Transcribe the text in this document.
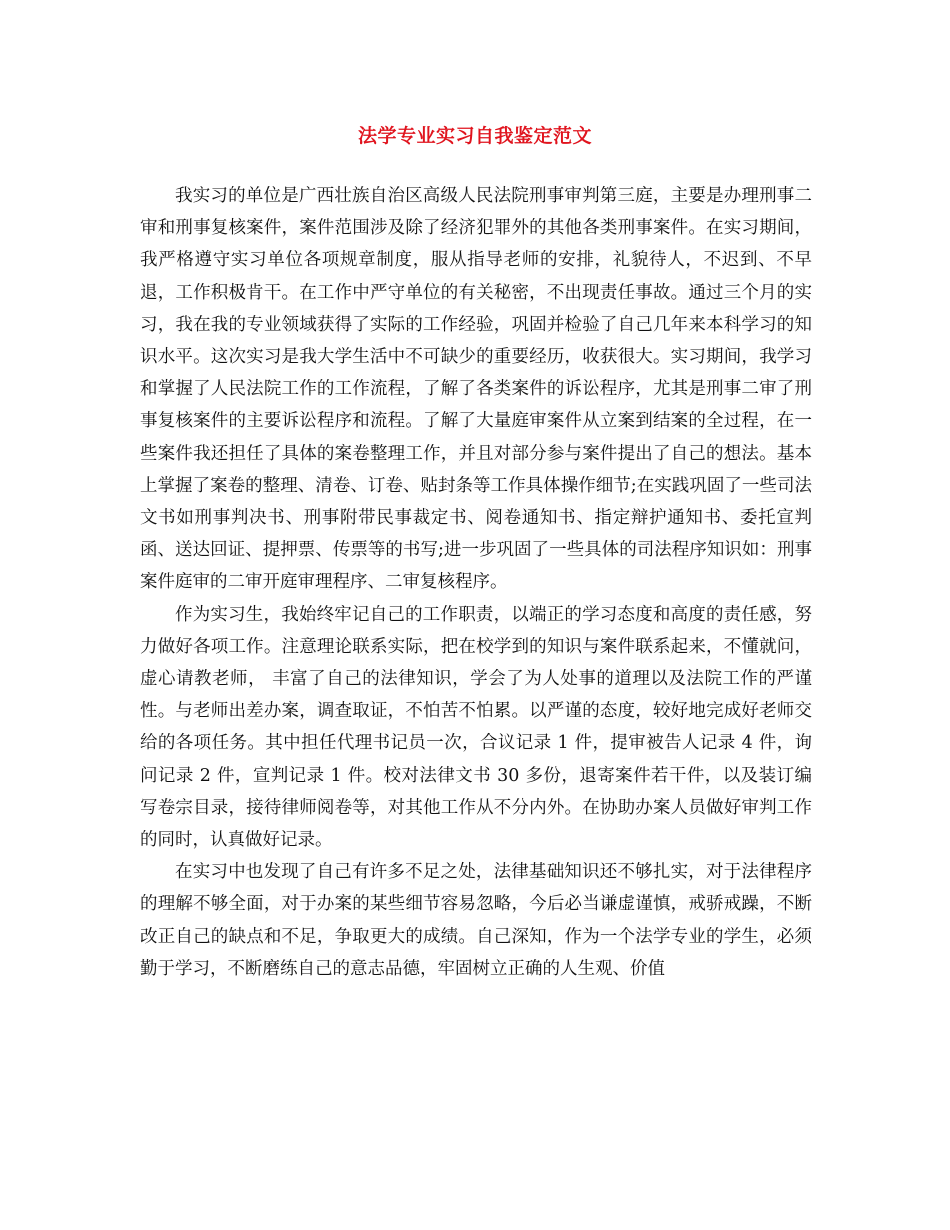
法学专业实习自我鉴定范文

我实习的单位是广西壮族自治区高级人民法院刑事审判第三庭，主要是办理刑事二审和刑事复核案件，案件范围涉及除了经济犯罪外的其他各类刑事案件。在实习期间，我严格遵守实习单位各项规章制度，服从指导老师的安排，礼貌待人，不迟到、不早退，工作积极肯干。在工作中严守单位的有关秘密，不出现责任事故。通过三个月的实习，我在我的专业领域获得了实际的工作经验，巩固并检验了自己几年来本科学习的知识水平。这次实习是我大学生活中不可缺少的重要经历，收获很大。实习期间，我学习和掌握了人民法院工作的工作流程，了解了各类案件的诉讼程序，尤其是刑事二审了刑事复核案件的主要诉讼程序和流程。了解了大量庭审案件从立案到结案的全过程，在一些案件我还担任了具体的案卷整理工作，并且对部分参与案件提出了自己的想法。基本上掌握了案卷的整理、清卷、订卷、贴封条等工作具体操作细节;在实践巩固了一些司法文书如刑事判决书、刑事附带民事裁定书、阅卷通知书、指定辩护通知书、委托宣判函、送达回证、提押票、传票等的书写;进一步巩固了一些具体的司法程序知识如：刑事案件庭审的二审开庭审理程序、二审复核程序。

作为实习生，我始终牢记自己的工作职责，以端正的学习态度和高度的责任感，努力做好各项工作。注意理论联系实际，把在校学到的知识与案件联系起来，不懂就问，虚心请教老师， 丰富了自己的法律知识，学会了为人处事的道理以及法院工作的严谨性。与老师出差办案，调查取证，不怕苦不怕累。以严谨的态度，较好地完成好老师交给的各项任务。其中担任代理书记员一次，合议记录 1 件，提审被告人记录 4 件，询问记录 2 件，宣判记录 1 件。校对法律文书 30 多份，退寄案件若干件，以及装订编写卷宗目录，接待律师阅卷等，对其他工作从不分内外。在协助办案人员做好审判工作的同时，认真做好记录。

在实习中也发现了自己有许多不足之处，法律基础知识还不够扎实，对于法律程序的理解不够全面，对于办案的某些细节容易忽略，今后必当谦虚谨慎，戒骄戒躁，不断改正自己的缺点和不足，争取更大的成绩。自己深知，作为一个法学专业的学生，必须勤于学习，不断磨练自己的意志品德，牢固树立正确的人生观、价值
